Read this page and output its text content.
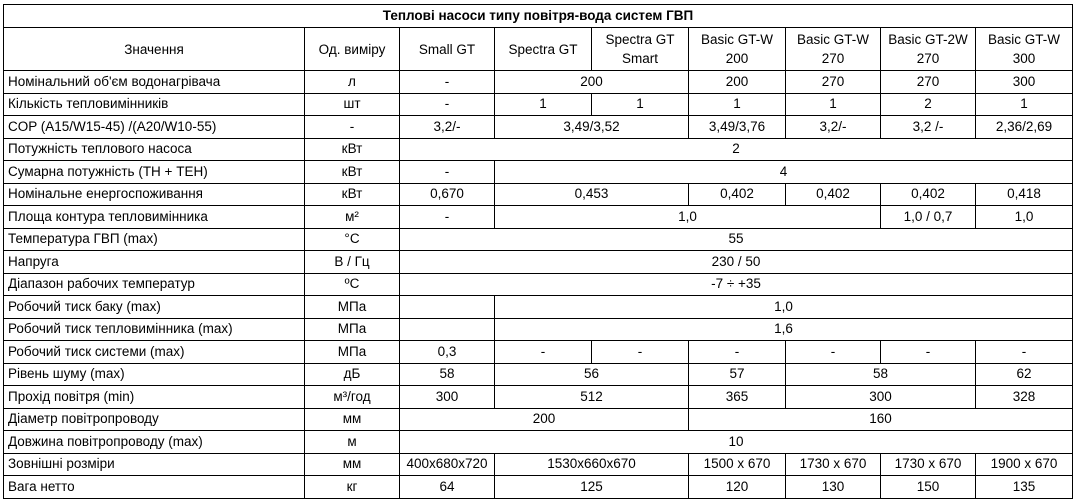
Теплові насоси типу повітря-вода систем ГВП								
Значення	Од. виміру	Small GT	Spectra GT	Spectra GT Smart	Basic GT-W 200	Basic GT-W 270	Basic GT-2W 270	Basic GT-W 300
Номінальний об'єм водонагрівача	л	-	200		200	270	270	300
Кількість тепловимінників	шт	-	1	1	1	1	2	1
COP (A15/W15-45) /(A20/W10-55)	-	3,2/-	3,49/3,52		3,49/3,76	3,2/-	3,2 /-	2,36/2,69
Потужність теплового насоса	кВт	2						
Сумарна потужність (ТН + ТЕН)	кВт	-	4					
Номінальне енергоспоживання	кВт	0,670	0,453		0,402	0,402	0,402	0,418
Площа контура тепловимінника	м²	-	1,0				1,0 / 0,7	1,0
Температура ГВП (max)	°С	55						
Напруга	В / Гц	230 / 50						
Діапазон рабочих температур	ºС	-7 ÷ +35						
Робочий тиск баку (max)	МПа		1,0					
Робочий тиск тепловимінника (max)	МПа		1,6					
Робочий тиск системи (max)	МПа	0,3	-	-	-	-	-	-
Рівень шуму (max)	дБ	58	56		57	58		62
Прохід повітря (min)	м³/год	300	512		365	300		328
Діаметр повітропроводу	мм	200			160			
Довжина повітропроводу (max)	м	10						
Зовнішні розміри	мм	400x680x720	1530x660x670		1500 x 670	1730 x 670	1730 x 670	1900 x 670
Вага нетто	кг	64	125		120	130	150	135
